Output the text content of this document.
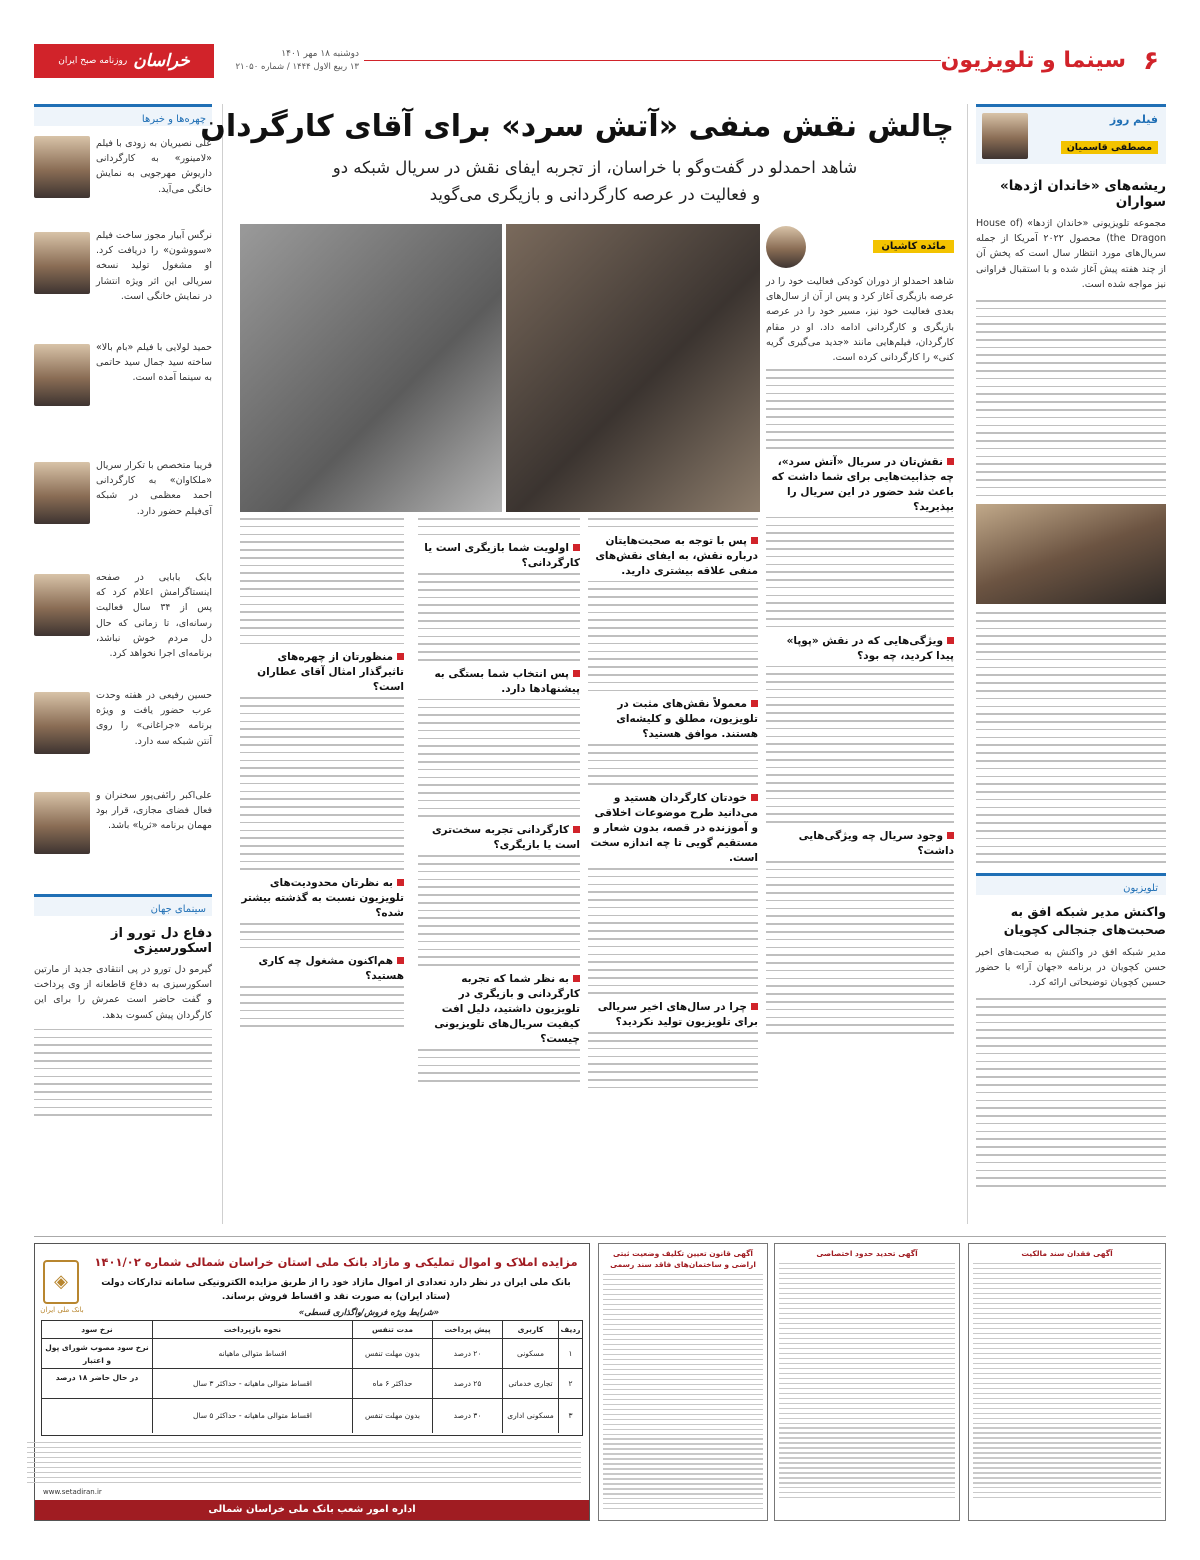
۶
سینما و تلویزیون
دوشنبه ۱۸ مهر ۱۴۰۱
۱۳ ربیع الاول ۱۴۴۴ / شماره ۲۱۰۵۰
خراسان
روزنامه صبح ایران
فیلم روز
مصطفی قاسمیان
ریشه‌های «خاندان اژدها» سواران
مجموعه تلویزیونی «خاندان اژدها» (House of the Dragon) محصول ۲۰۲۲ آمریکا از جمله سریال‌های مورد انتظار سال است که پخش آن از چند هفته پیش آغاز شده و با استقبال فراوانی نیز مواجه شده است.
تلویزیون
واکنش مدیر شبکه افق به صحبت‌های جنجالی کچویان
مدیر شبکه افق در واکنش به صحبت‌های اخیر حسن کچویان در برنامه «جهان آرا» با حضور حسین کچویان توضیحاتی ارائه کرد.
چهره‌ها و خبرها
علی نصیریان به زودی با فیلم «لامینور» به کارگردانی داریوش مهرجویی به نمایش خانگی می‌آید.
نرگس آبیار مجوز ساخت فیلم «سووشون» را دریافت کرد. او مشغول تولید نسخه سریالی این اثر ویژه انتشار در نمایش خانگی است.
حمید لولایی با فیلم «بام بالا» ساخته سید جمال سید حاتمی به سینما آمده است.
فریبا متخصص با تکرار سریال «ملکاوان» به کارگردانی احمد معظمی در شبکه آی‌فیلم حضور دارد.
بابک بابایی در صفحه اینستاگرامش اعلام کرد که پس از ۳۴ سال فعالیت رسانه‌ای، تا زمانی که حال دل مردم خوش نباشد، برنامه‌ای اجرا نخواهد کرد.
حسین رفیعی در هفته وحدت عرب حضور یافت و ویژه برنامه «جراغانی» را روی آنتن شبکه سه دارد.
علی‌اکبر رائفی‌پور سخنران و فعال فضای مجازی، قرار بود مهمان برنامه «ثریا» باشد.
سینمای جهان
دفاع دل تورو از اسکورسیزی
گیرمو دل تورو در پی انتقادی جدید از مارتین اسکورسیزی به دفاع قاطعانه از وی پرداخت و گفت حاضر است عمرش را برای این کارگردان پیش کسوت بدهد.
چالش نقش منفی «آتش سرد» برای آقای کارگردان
شاهد احمدلو در گفت‌وگو با خراسان، از تجربه ایفای نقش در سریال شبکه دو
و فعالیت در عرصه کارگردانی و بازیگری می‌گوید
مائده کاشیان
شاهد احمدلو از دوران کودکی فعالیت خود را در عرصه بازیگری آغاز کرد و پس از آن از سال‌های بعدی فعالیت خود نیز، مسیر خود را در عرصه بازیگری و کارگردانی ادامه داد. او در مقام کارگردان، فیلم‌هایی مانند «جدید می‌گیری گریه کنی» را کارگردانی کرده است.
نقش‌تان در سریال «آتش سرد»، چه جذابیت‌هایی برای شما داشت که باعث شد حضور در این سریال را بپذیرید؟
ویژگی‌هایی که در نقش «پوپا» پیدا کردید، چه بود؟
وجود سریال چه ویژگی‌هایی داشت؟
پس با توجه به صحبت‌هایتان درباره نقش، به ایفای نقش‌های منفی علاقه بیشتری دارید.
معمولاً نقش‌های مثبت در تلویزیون، مطلق و کلیشه‌ای هستند. موافق هستید؟
خودتان کارگردان هستید و می‌دانید طرح موضوعات اخلاقی و آموزنده در قصه، بدون شعار و مستقیم گویی تا چه اندازه سخت است.
چرا در سال‌های اخیر سریالی برای تلویزیون تولید نکردید؟
اولویت شما بازیگری است یا کارگردانی؟
پس انتخاب شما بستگی به پیشنهادها دارد.
کارگردانی تجربه سخت‌تری است یا بازیگری؟
به نظر شما که تجربه کارگردانی و بازیگری در تلویزیون داشتید، دلیل افت کیفیت سریال‌های تلویزیونی چیست؟
منظورتان از چهره‌های تاثیرگذار امثال آقای عطاران است؟
به نظرتان محدودیت‌های تلویزیون نسبت به گذشته بیشتر شده؟
هم‌اکنون مشغول چه کاری هستید؟
◈
بانک ملی ایران
مزایده املاک و اموال تملیکی و مازاد بانک ملی استان خراسان شمالی شماره ۱۴۰۱/۰۲
بانک ملی ایران در نظر دارد تعدادی از اموال مازاد خود را از طریق مزایده الکترونیکی سامانه تدارکات دولت (ستاد ایران) به صورت نقد و اقساط فروش برساند.
«شرایط ویژه فروش/واگذاری قسطی»
ردیف
کاربری
پیش پرداخت
مدت تنفس
نحوه بازپرداخت
نرخ سود
۱
مسکونی
۲۰ درصد
بدون مهلت تنفس
اقساط متوالی ماهیانه
نرخ سود مصوب شورای پول و اعتبار
۲
تجاری خدماتی
۲۵ درصد
حداکثر ۶ ماه
اقساط متوالی ماهیانه - حداکثر ۳ سال
در حال حاضر ۱۸ درصد
۳
مسکونی اداری
۳۰ درصد
بدون مهلت تنفس
اقساط متوالی ماهیانه - حداکثر ۵ سال
www.setadiran.ir
اداره امور شعب بانک ملی خراسان شمالی
آگهی قانون تعیین تکلیف وضعیت ثبتی اراضی و ساختمان‌های فاقد سند رسمی
آگهی تحدید حدود اختصاصی	آگهی فقدان سند مالکیت
